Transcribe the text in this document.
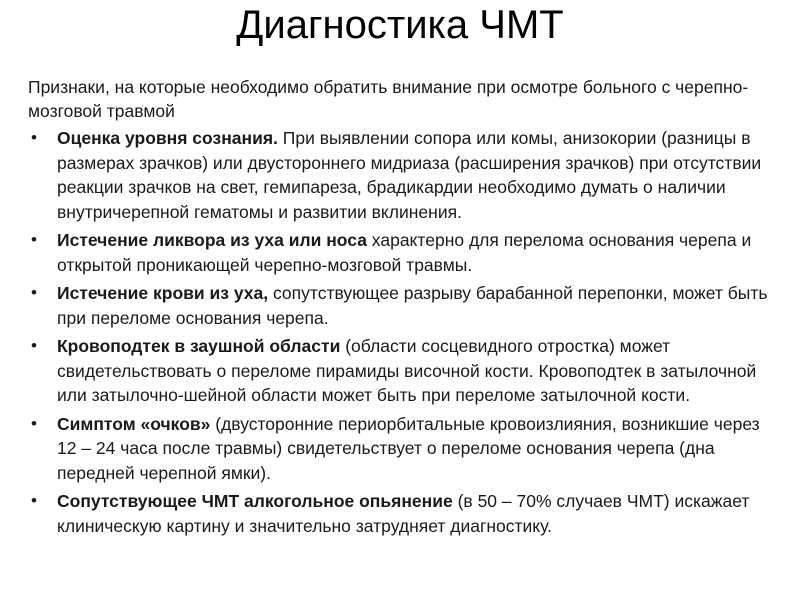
Диагностика ЧМТ

Признаки, на которые необходимо обратить внимание при осмотре больного с черепно-мозговой травмой

• Оценка уровня сознания. При выявлении сопора или комы, анизокории (разницы в размерах зрачков) или двустороннего мидриаза (расширения зрачков) при отсутствии реакции зрачков на свет, гемипареза, брадикардии необходимо думать о наличии внутричерепной гематомы и развитии вклинения.
• Истечение ликвора из уха или носа характерно для перелома основания черепа и открытой проникающей черепно-мозговой травмы.
• Истечение крови из уха, сопутствующее разрыву барабанной перепонки, может быть при переломе основания черепа.
• Кровоподтек в заушной области (области сосцевидного отростка) может свидетельствовать о переломе пирамиды височной кости. Кровоподтек в затылочной или затылочно-шейной области может быть при переломе затылочной кости.
• Симптом «очков» (двусторонние периорбитальные кровоизлияния, возникшие через 12 – 24 часа после травмы) свидетельствует о переломе основания черепа (дна передней черепной ямки).
• Сопутствующее ЧМТ алкогольное опьянение (в 50 – 70% случаев ЧМТ) искажает клиническую картину и значительно затрудняет диагностику.
